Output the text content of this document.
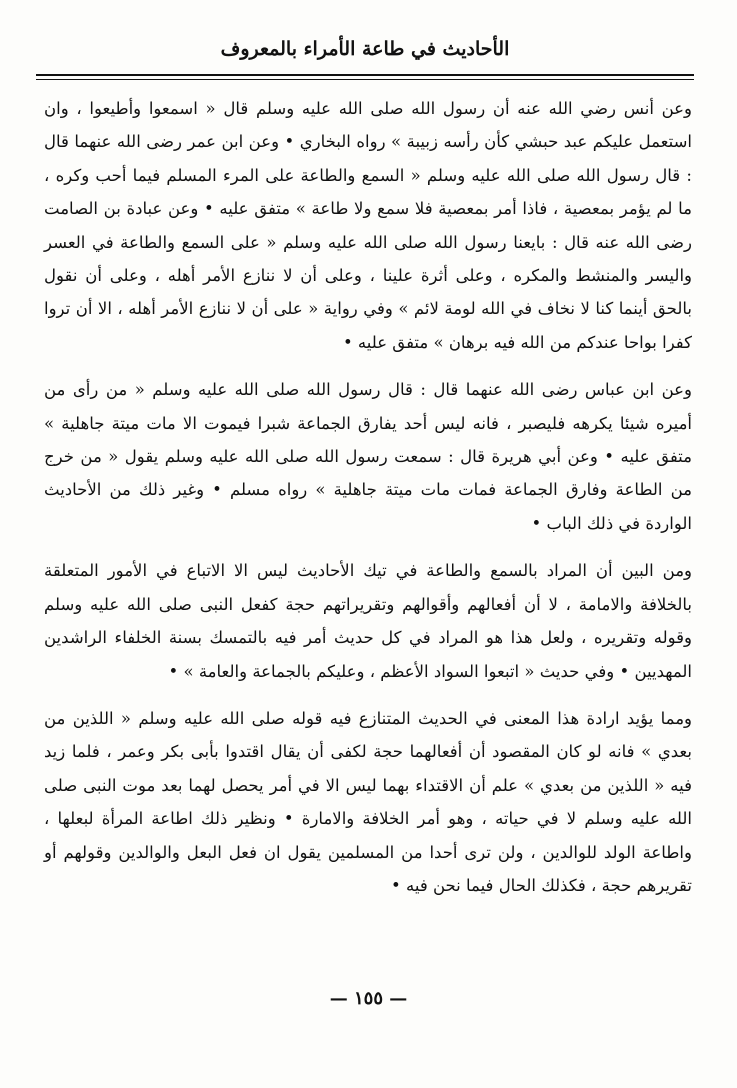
الأحاديث في طاعة الأمراء بالمعروف

وعن أنس رضي الله عنه أن رسول الله صلى الله عليه وسلم قال « اسمعوا وأطيعوا ، وان استعمل عليكم عبد حبشي كأن رأسه زبيبة » رواه البخاري • وعن ابن عمر رضى الله عنهما قال : قال رسول الله صلى الله عليه وسلم « السمع والطاعة على المرء المسلم فيما أحب وكره ، ما لم يؤمر بمعصية ، فاذا أمر بمعصية فلا سمع ولا طاعة » متفق عليه • وعن عبادة بن الصامت رضى الله عنه قال : بايعنا رسول الله صلى الله عليه وسلم « على السمع والطاعة في العسر واليسر والمنشط والمكره ، وعلى أثرة علينا ، وعلى أن لا ننازع الأمر أهله ، وعلى أن نقول بالحق أينما كنا لا نخاف في الله لومة لائم » وفي رواية « على أن لا ننازع الأمر أهله ، الا أن تروا كفرا بواحا عندكم من الله فيه برهان » متفق عليه •

وعن ابن عباس رضى الله عنهما قال : قال رسول الله صلى الله عليه وسلم « من رأى من أميره شيئا يكرهه فليصبر ، فانه ليس أحد يفارق الجماعة شبرا فيموت الا مات ميتة جاهلية » متفق عليه • وعن أبي هريرة قال : سمعت رسول الله صلى الله عليه وسلم يقول « من خرج من الطاعة وفارق الجماعة فمات مات ميتة جاهلية » رواه مسلم • وغير ذلك من الأحاديث الواردة في ذلك الباب •

ومن البين أن المراد بالسمع والطاعة في تيك الأحاديث ليس الا الاتباع في الأمور المتعلقة بالخلافة والامامة ، لا أن أفعالهم وأقوالهم وتقريراتهم حجة كفعل النبى صلى الله عليه وسلم وقوله وتقريره ، ولعل هذا هو المراد في كل حديث أمر فيه بالتمسك بسنة الخلفاء الراشدين المهديين • وفي حديث « اتبعوا السواد الأعظم ، وعليكم بالجماعة والعامة » •

ومما يؤيد ارادة هذا المعنى في الحديث المتنازع فيه قوله صلى الله عليه وسلم « اللذين من بعدي » فانه لو كان المقصود أن أفعالهما حجة لكفى أن يقال اقتدوا بأبى بكر وعمر ، فلما زيد فيه « اللذين من بعدي » علم أن الاقتداء بهما ليس الا في أمر يحصل لهما بعد موت النبى صلى الله عليه وسلم لا في حياته ، وهو أمر الخلافة والامارة • ونظير ذلك اطاعة المرأة لبعلها ، واطاعة الولد للوالدين ، ولن ترى أحدا من المسلمين يقول ان فعل البعل والوالدين وقولهم أو تقريرهم حجة ، فكذلك الحال فيما نحن فيه •

— ١٥٥ —
